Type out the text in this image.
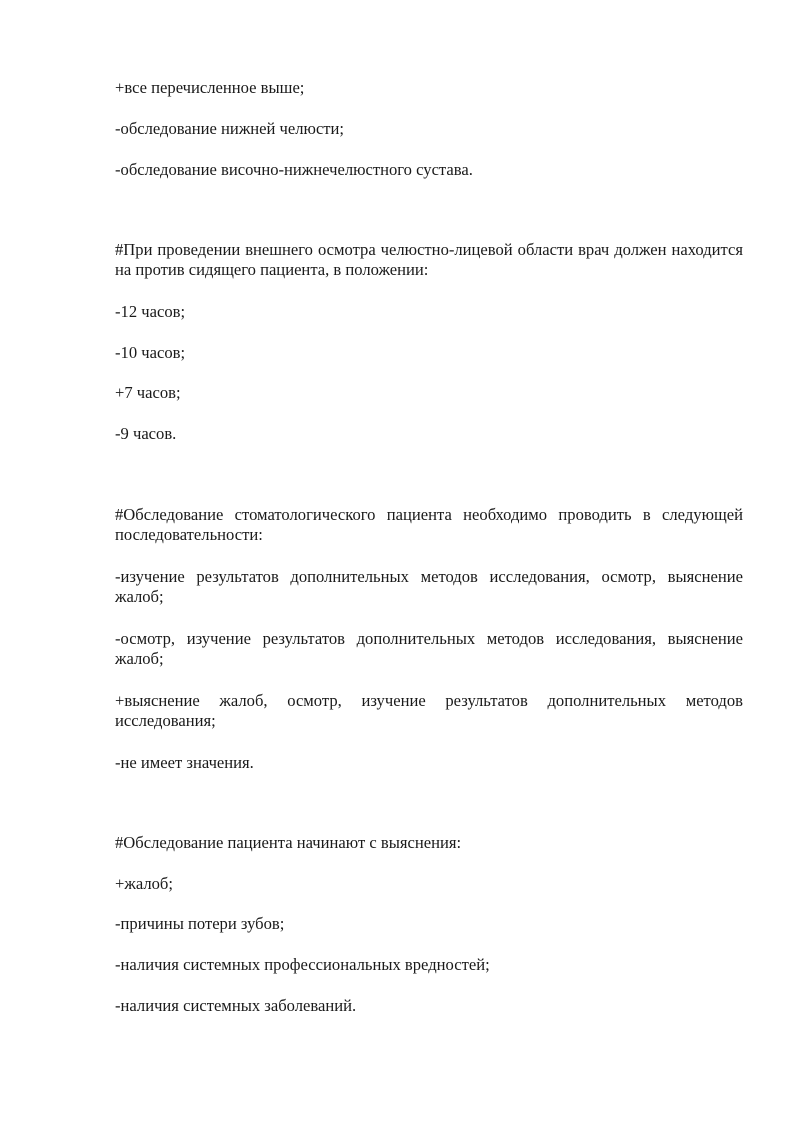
+все перечисленное выше;
-обследование нижней челюсти;
-обследование височно-нижнечелюстного сустава.
#При проведении внешнего осмотра челюстно-лицевой области врач должен находится на против сидящего пациента, в положении:
-12 часов;
-10 часов;
+7 часов;
-9 часов.
#Обследование стоматологического пациента необходимо проводить в следующей последовательности:
-изучение результатов дополнительных методов исследования, осмотр, выяснение жалоб;
-осмотр, изучение результатов дополнительных методов исследования, выяснение жалоб;
+выяснение жалоб, осмотр, изучение результатов дополнительных методов исследования;
-не имеет значения.
#Обследование пациента начинают с выяснения:
+жалоб;
-причины потери зубов;
-наличия системных профессиональных вредностей;
-наличия системных заболеваний.
